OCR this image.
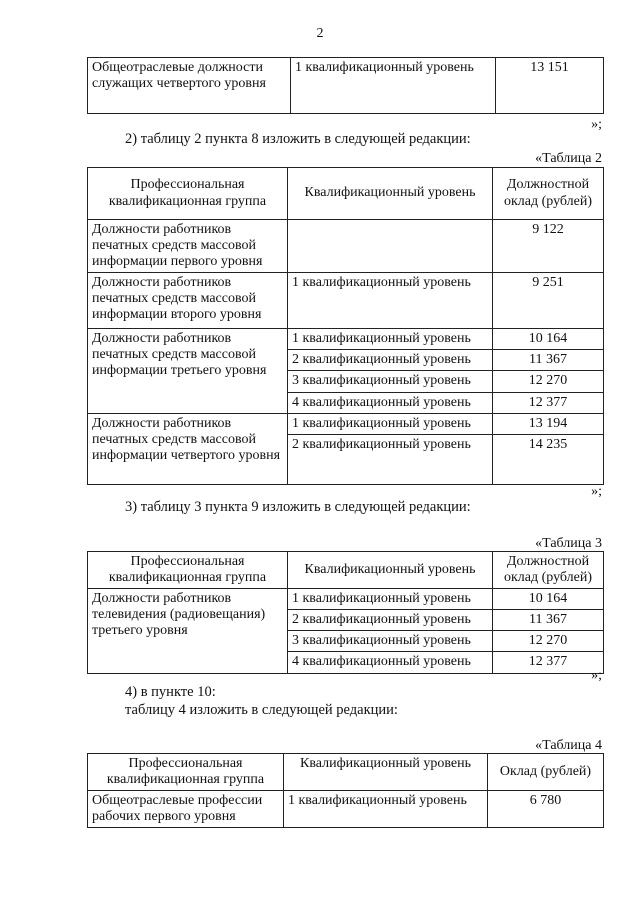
2
Общеотраслевые должности служащих четвертого уровня	1 квалификационный уровень	13 151
»;
2) таблицу 2 пункта 8 изложить в следующей редакции:
«Таблица 2
Профессиональная квалификационная группа	Квалификационный уровень	Должностной оклад (рублей)
Должности работников печатных средств массовой информации первого уровня		9 122
Должности работников печатных средств массовой информации второго уровня	1 квалификационный уровень	9 251
Должности работников печатных средств массовой информации третьего уровня	1 квалификационный уровень	10 164
	2 квалификационный уровень	11 367
	3 квалификационный уровень	12 270
	4 квалификационный уровень	12 377
Должности работников печатных средств массовой информации четвертого уровня	1 квалификационный уровень	13 194
	2 квалификационный уровень	14 235
»;
3) таблицу 3 пункта 9 изложить в следующей редакции:
«Таблица 3
Профессиональная квалификационная группа	Квалификационный уровень	Должностной оклад (рублей)
Должности работников телевидения (радиовещания) третьего уровня	1 квалификационный уровень	10 164
	2 квалификационный уровень	11 367
	3 квалификационный уровень	12 270
	4 квалификационный уровень	12 377
»;
4) в пункте 10:
таблицу 4 изложить в следующей редакции:
«Таблица 4
Профессиональная квалификационная группа	Квалификационный уровень	Оклад (рублей)
Общеотраслевые профессии рабочих первого уровня	1 квалификационный уровень	6 780
